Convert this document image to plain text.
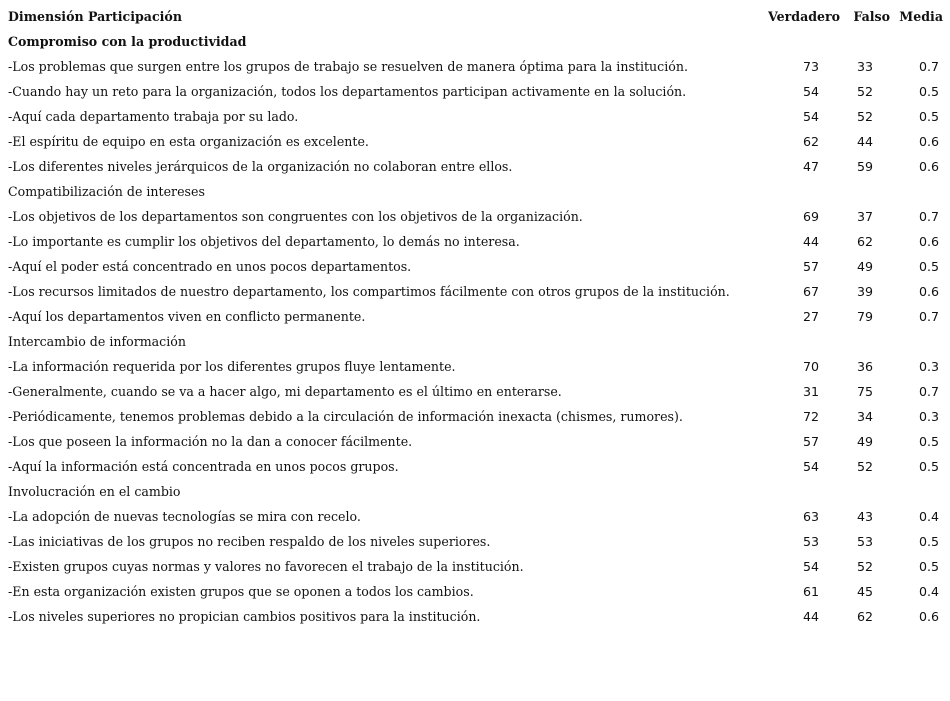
Dimensión Participación	Verdadero	Falso	Media
Compromiso con la productividad			
-Los problemas que surgen entre los grupos de trabajo se resuelven de manera óptima para la institución.	73	33	0.7
-Cuando hay un reto para la organización, todos los departamentos participan activamente en la solución.	54	52	0.5
-Aquí cada departamento trabaja por su lado.	54	52	0.5
-El espíritu de equipo en esta organización es excelente.	62	44	0.6
-Los diferentes niveles jerárquicos de la organización no colaboran entre ellos.	47	59	0.6
Compatibilización de intereses			
-Los objetivos de los departamentos son congruentes con los objetivos de la organización.	69	37	0.7
-Lo importante es cumplir los objetivos del departamento, lo demás no interesa.	44	62	0.6
-Aquí el poder está concentrado en unos pocos departamentos.	57	49	0.5
-Los recursos limitados de nuestro departamento, los compartimos fácilmente con otros grupos de la institución.	67	39	0.6
-Aquí los departamentos viven en conflicto permanente.	27	79	0.7
Intercambio de información			
-La información requerida por los diferentes grupos fluye lentamente.	70	36	0.3
-Generalmente, cuando se va a hacer algo, mi departamento es el último en enterarse.	31	75	0.7
-Periódicamente, tenemos problemas debido a la circulación de información inexacta (chismes, rumores).	72	34	0.3
-Los que poseen la información no la dan a conocer fácilmente.	57	49	0.5
-Aquí la información está concentrada en unos pocos grupos.	54	52	0.5
Involucración en el cambio			
-La adopción de nuevas tecnologías se mira con recelo.	63	43	0.4
-Las iniciativas de los grupos no reciben respaldo de los niveles superiores.	53	53	0.5
-Existen grupos cuyas normas y valores no favorecen el trabajo de la institución.	54	52	0.5
-En esta organización existen grupos que se oponen a todos los cambios.	61	45	0.4
-Los niveles superiores no propician cambios positivos para la institución.	44	62	0.6
